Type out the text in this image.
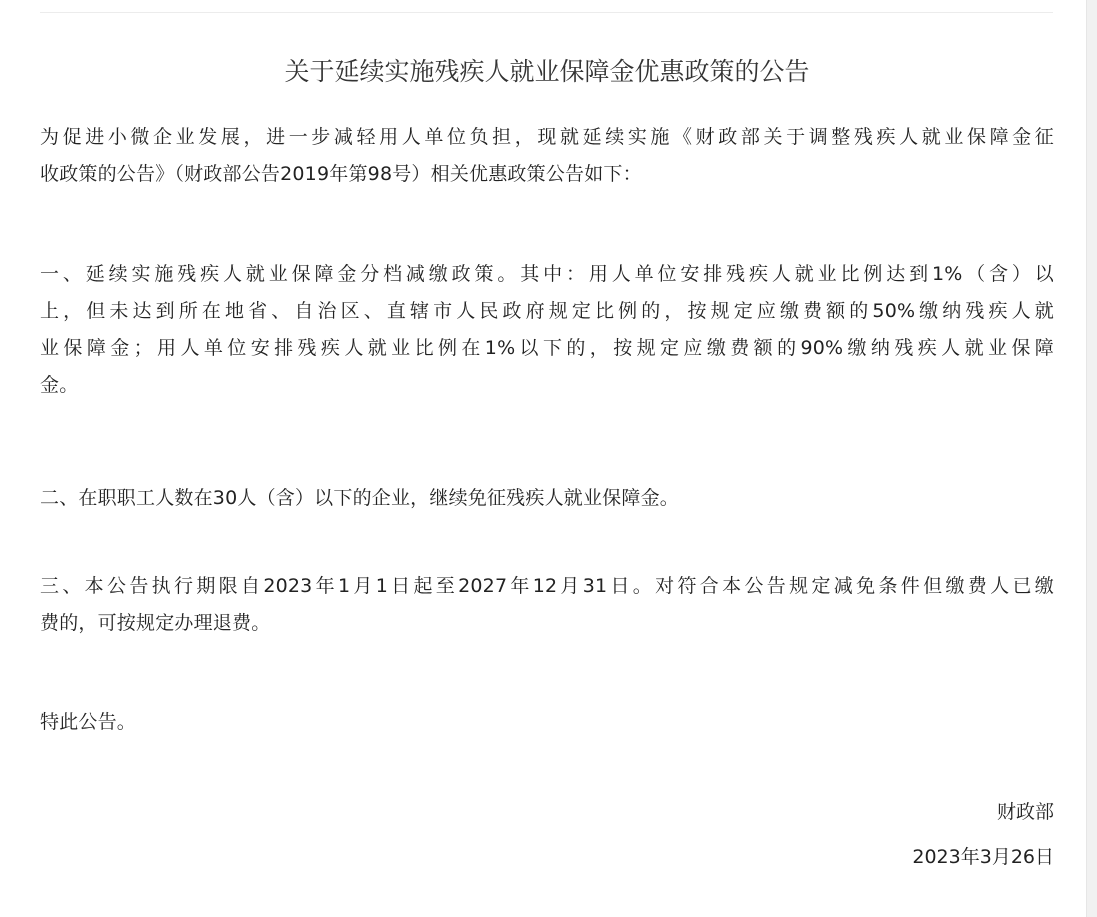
关于延续实施残疾人就业保障金优惠政策的公告

为促进小微企业发展，进一步减轻用人单位负担，现就延续实施《财政部关于调整残疾人就业保障金征
收政策的公告》（财政部公告2019年第98号）相关优惠政策公告如下：

一、延续实施残疾人就业保障金分档减缴政策。其中：用人单位安排残疾人就业比例达到1%（含）以
上，但未达到所在地省、自治区、直辖市人民政府规定比例的，按规定应缴费额的50%缴纳残疾人就
业保障金；用人单位安排残疾人就业比例在1%以下的，按规定应缴费额的90%缴纳残疾人就业保障
金。

二、在职职工人数在30人（含）以下的企业，继续免征残疾人就业保障金。

三、本公告执行期限自2023年1月1日起至2027年12月31日。对符合本公告规定减免条件但缴费人已缴
费的，可按规定办理退费。

特此公告。

财政部
2023年3月26日
